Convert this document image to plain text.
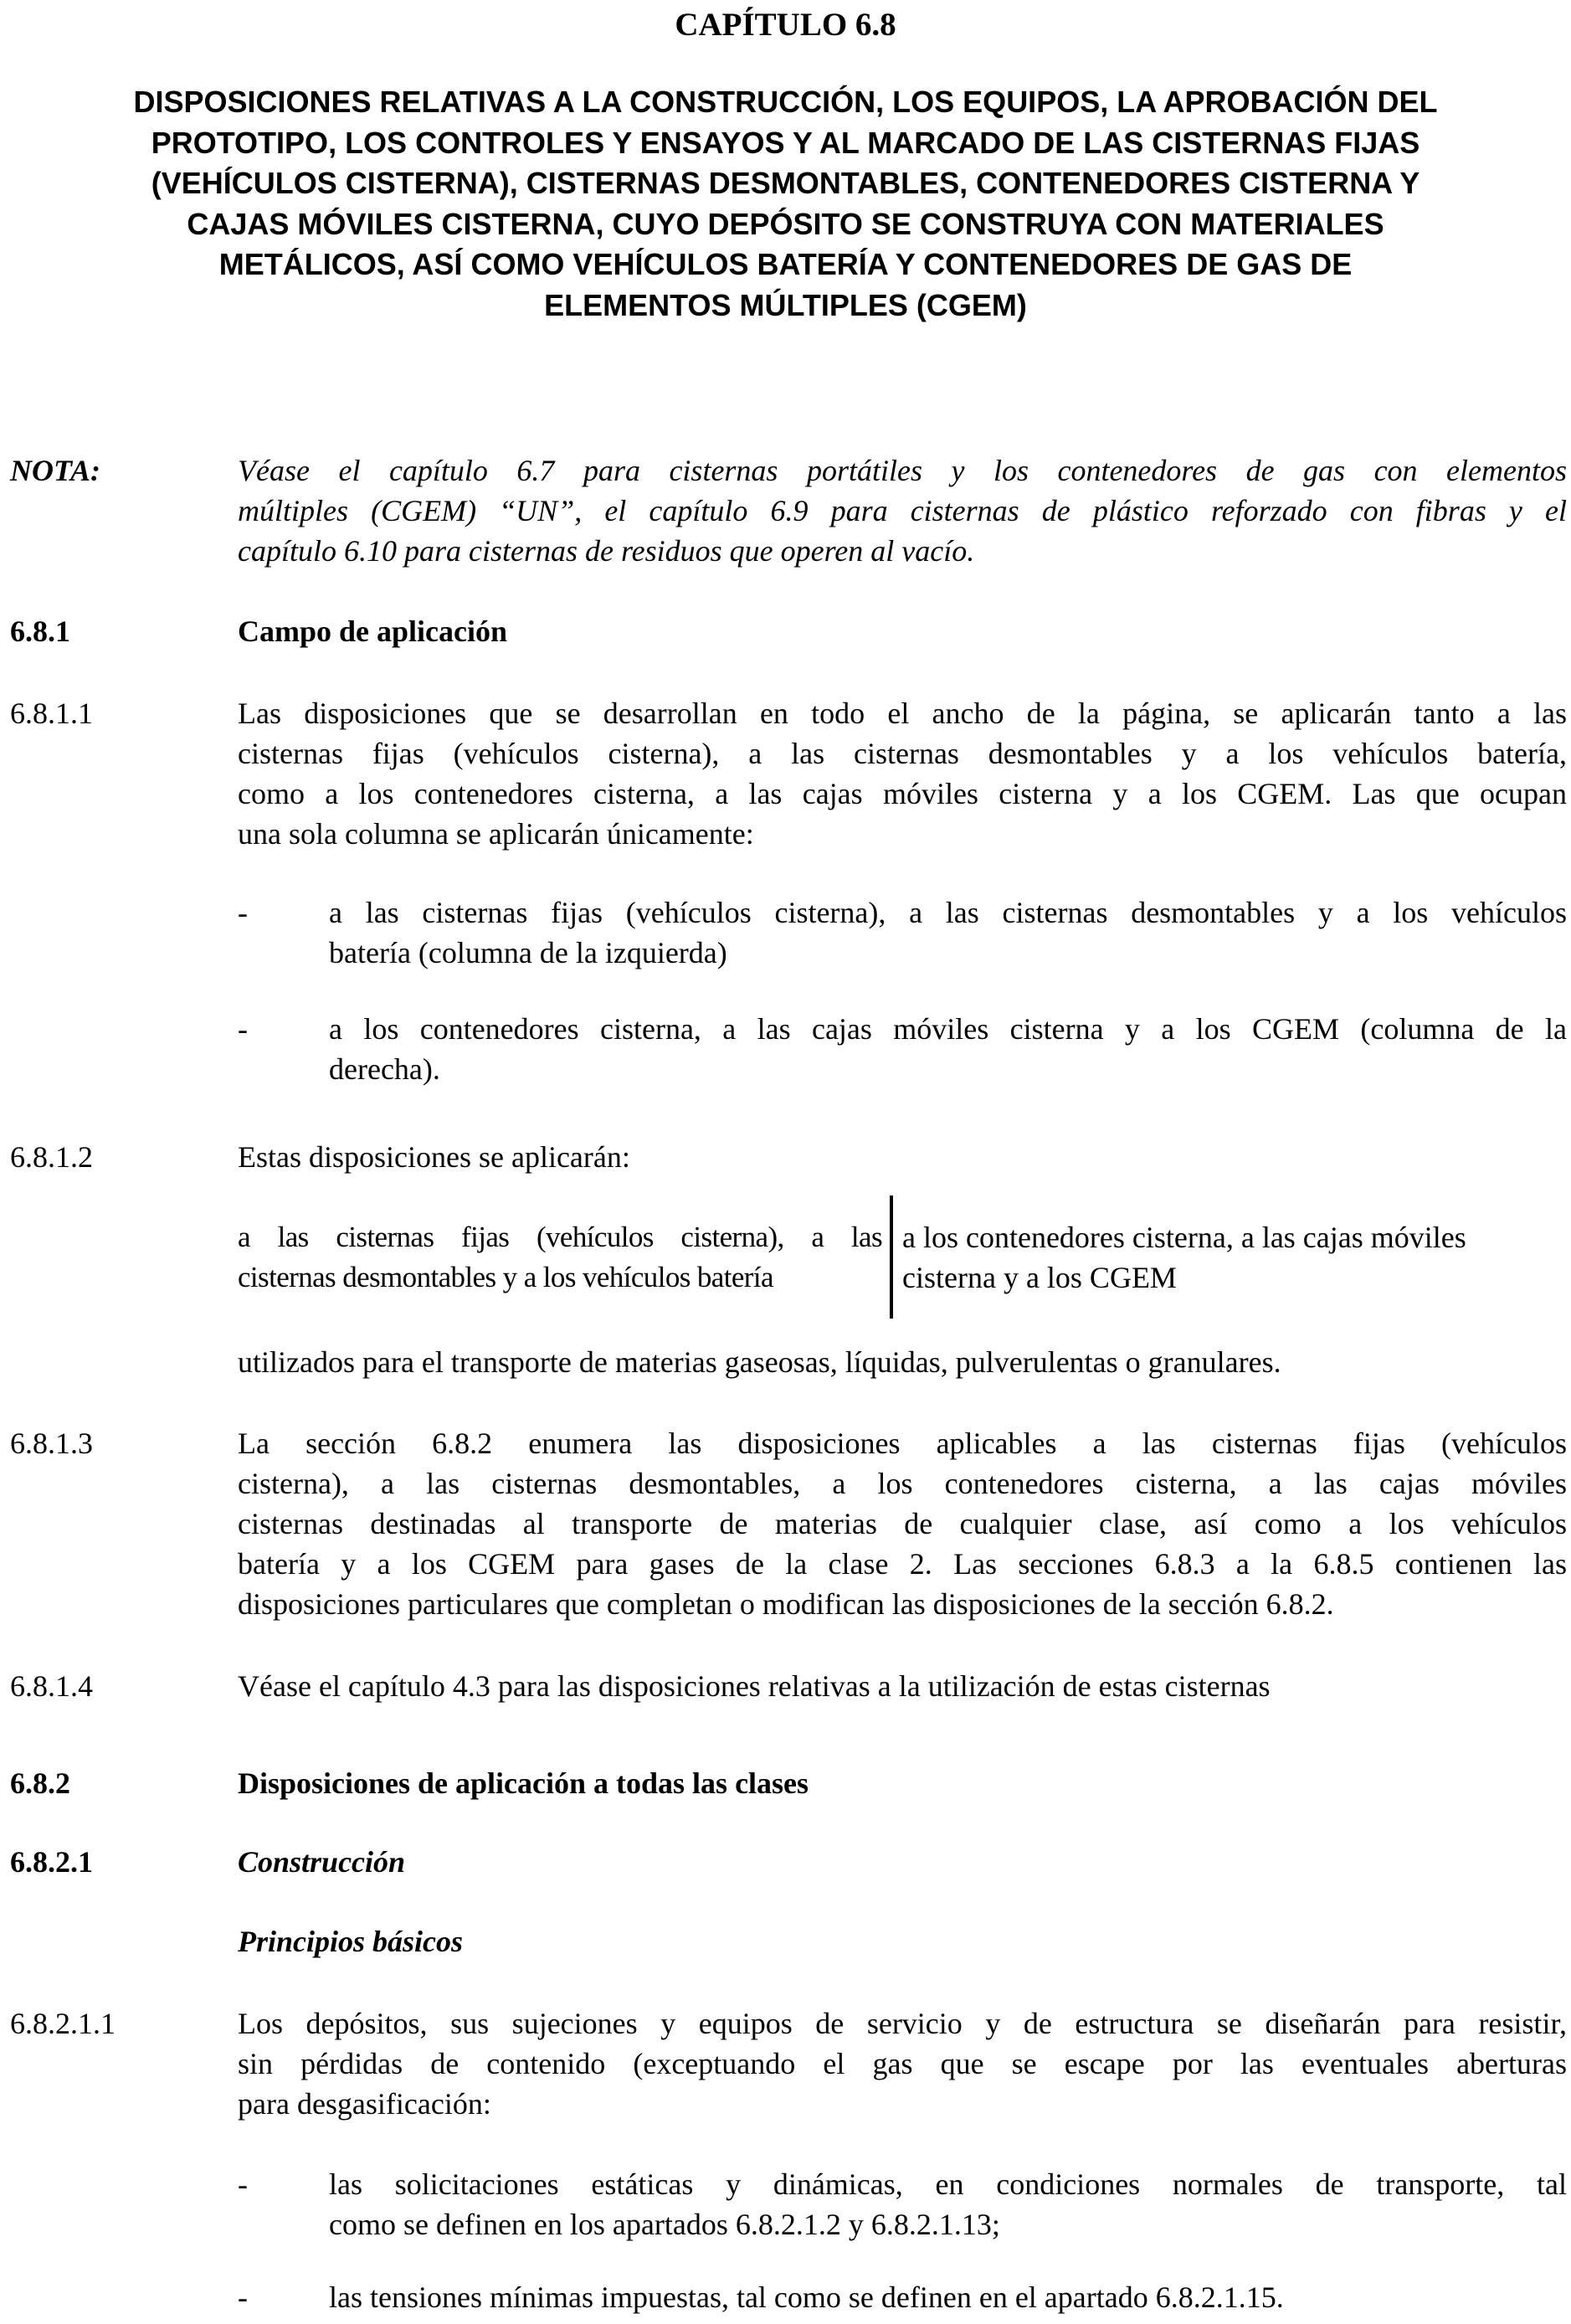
CAPÍTULO 6.8
DISPOSICIONES RELATIVAS A LA CONSTRUCCIÓN, LOS EQUIPOS, LA APROBACIÓN DEL
PROTOTIPO, LOS CONTROLES Y ENSAYOS Y AL MARCADO DE LAS CISTERNAS FIJAS
(VEHÍCULOS CISTERNA), CISTERNAS DESMONTABLES, CONTENEDORES CISTERNA Y
CAJAS MÓVILES CISTERNA, CUYO DEPÓSITO SE CONSTRUYA CON MATERIALES
METÁLICOS, ASÍ COMO VEHÍCULOS BATERÍA Y CONTENEDORES DE GAS DE
ELEMENTOS MÚLTIPLES (CGEM)
NOTA:	Véase el capítulo 6.7 para cisternas portátiles y los contenedores de gas con elementos
múltiples (CGEM) “UN”, el capítulo 6.9 para cisternas de plástico reforzado con fibras y el
capítulo 6.10 para cisternas de residuos que operen al vacío.
6.8.1	Campo de aplicación
6.8.1.1	Las disposiciones que se desarrollan en todo el ancho de la página, se aplicarán tanto a las
cisternas fijas (vehículos cisterna), a las cisternas desmontables y a los vehículos batería,
como a los contenedores cisterna, a las cajas móviles cisterna y a los CGEM. Las que ocupan
una sola columna se aplicarán únicamente:
-	a las cisternas fijas (vehículos cisterna), a las cisternas desmontables y a los vehículos
batería (columna de la izquierda)
-	a los contenedores cisterna, a las cajas móviles cisterna y a los CGEM (columna de la
derecha).
6.8.1.2	Estas disposiciones se aplicarán:
a las cisternas fijas (vehículos cisterna), a las
cisternas desmontables y a los vehículos batería
a los contenedores cisterna, a las cajas móviles
cisterna y a los CGEM
utilizados para el transporte de materias gaseosas, líquidas, pulverulentas o granulares.
6.8.1.3	La sección 6.8.2 enumera las disposiciones aplicables a las cisternas fijas (vehículos
cisterna), a las cisternas desmontables, a los contenedores cisterna, a las cajas móviles
cisternas destinadas al transporte de materias de cualquier clase, así como a los vehículos
batería y a los CGEM para gases de la clase 2. Las secciones 6.8.3 a la 6.8.5 contienen las
disposiciones particulares que completan o modifican las disposiciones de la sección 6.8.2.
6.8.1.4	Véase el capítulo 4.3 para las disposiciones relativas a la utilización de estas cisternas
6.8.2	Disposiciones de aplicación a todas las clases
6.8.2.1	Construcción
Principios básicos
6.8.2.1.1	Los depósitos, sus sujeciones y equipos de servicio y de estructura se diseñarán para resistir,
sin pérdidas de contenido (exceptuando el gas que se escape por las eventuales aberturas
para desgasificación:
-	las solicitaciones estáticas y dinámicas, en condiciones normales de transporte, tal
como se definen en los apartados 6.8.2.1.2 y 6.8.2.1.13;
-	las tensiones mínimas impuestas, tal como se definen en el apartado 6.8.2.1.15.
